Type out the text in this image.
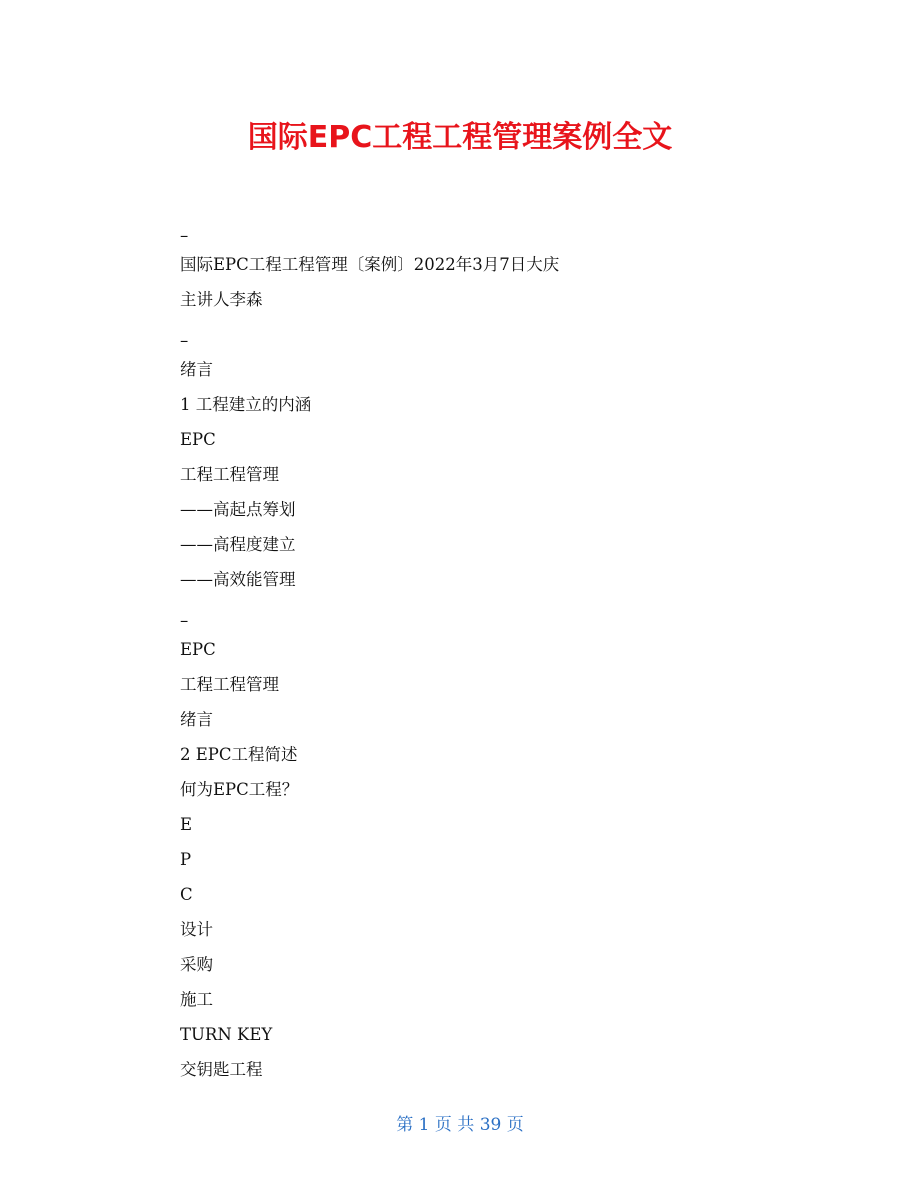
国际EPC工程工程管理案例全文
–
国际EPC工程工程管理〔案例〕2022年3月7日大庆
主讲人李森
–
绪言
1 工程建立的内涵
EPC
工程工程管理
——高起点筹划
——高程度建立
——高效能管理
–
EPC
工程工程管理
绪言
2 EPC工程简述
何为EPC工程？
E
P
C
设计
采购
施工
TURN KEY
交钥匙工程
第 1 页 共 39 页
